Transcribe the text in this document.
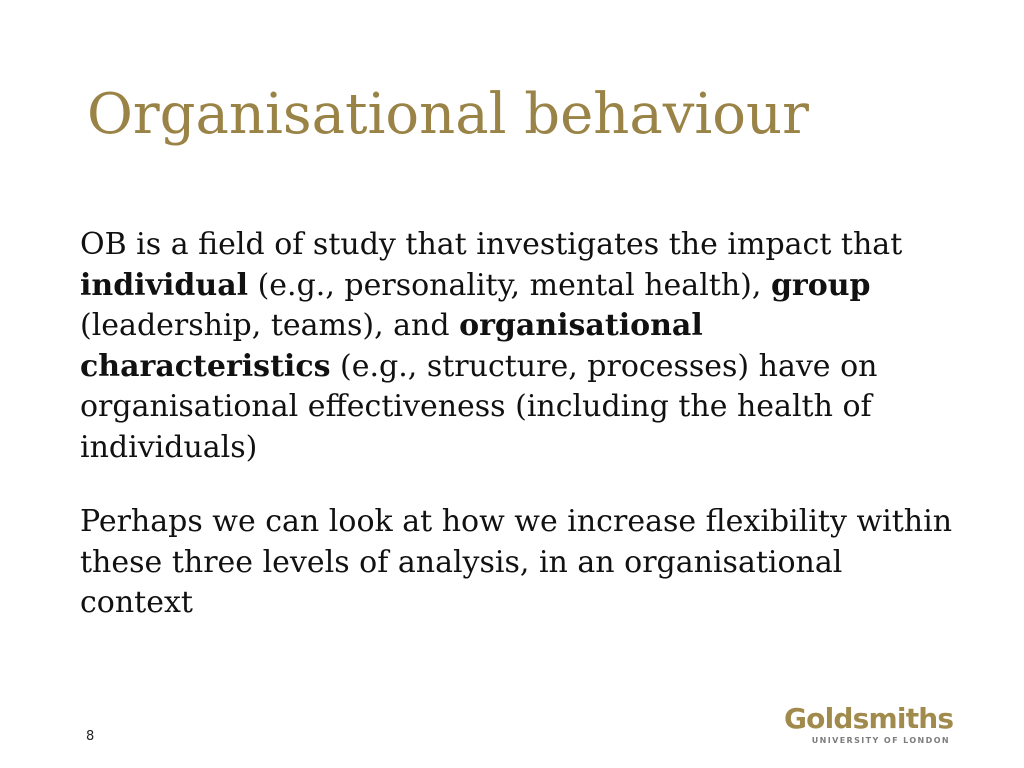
Organisational behaviour

OB is a field of study that investigates the impact that individual (e.g., personality, mental health), group (leadership, teams), and organisational characteristics (e.g., structure, processes) have on organisational effectiveness (including the health of individuals)

Perhaps we can look at how we increase flexibility within these three levels of analysis, in an organisational context

8
Goldsmiths
UNIVERSITY OF LONDON
